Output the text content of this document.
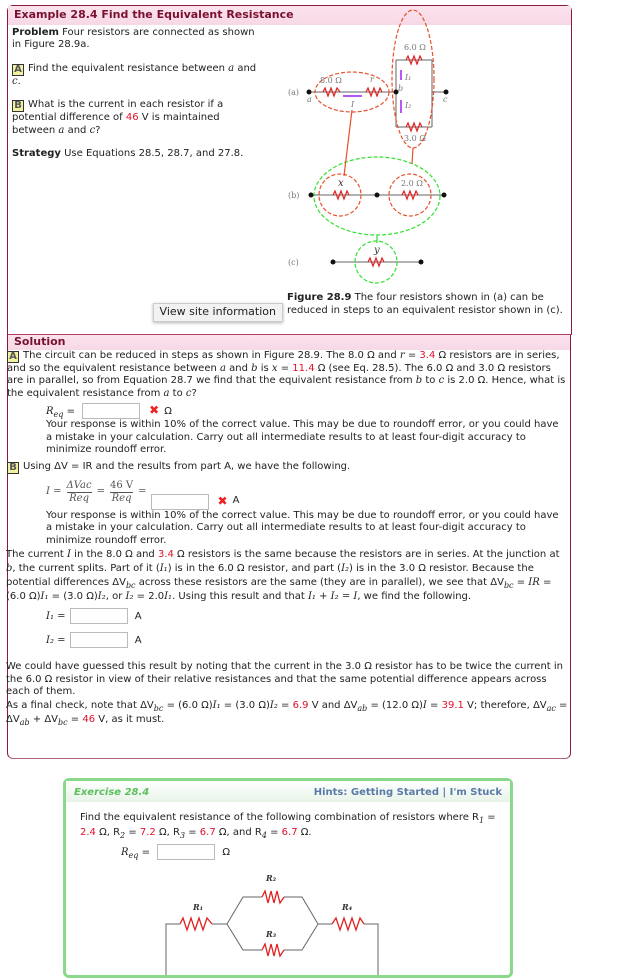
Example 28.4 Find the Equivalent Resistance

Problem Four resistors are connected as shown in Figure 28.9a.

A Find the equivalent resistance between a and c.

B What is the current in each resistor if a potential difference of 46 V is maintained between a and c?

Strategy Use Equations 28.5, 28.7, and 27.8.

(a)
(b)
(c)
8.0 Ω	r
6.0 Ω
3.0 Ω
2.0 Ω
x
y
I
I₁
I₂
a
b
c
Figure 28.9 The four resistors shown in (a) can be reduced in steps to an equivalent resistor shown in (c).
View site information
Solution

A The circuit can be reduced in steps as shown in Figure 28.9. The 8.0 Ω and r = 3.4 Ω resistors are in series, and so the equivalent resistance between a and b is x = 11.4 Ω (see Eq. 28.5). The 6.0 Ω and 3.0 Ω resistors are in parallel, so from Equation 28.7 we find that the equivalent resistance from b to c is 2.0 Ω. Hence, what is the equivalent resistance from a to c?

$R_{eq}$ =	✖ Ω

Your response is within 10% of the correct value. This may be due to roundoff error, or you could have a mistake in your calculation. Carry out all intermediate results to at least four-digit accuracy to minimize roundoff error.

B Using ΔV = IR and the results from part A, we have the following.

I =
ΔVac
Req
=
46 V
Req
=
✖ A

Your response is within 10% of the correct value. This may be due to roundoff error, or you could have a mistake in your calculation. Carry out all intermediate results to at least four-digit accuracy to minimize roundoff error.

The current I in the 8.0 Ω and 3.4 Ω resistors is the same because the resistors are in series. At the junction at b, the current splits. Part of it (I₁) is in the 6.0 Ω resistor, and part (I₂) is in the 3.0 Ω resistor. Because the potential differences $\Delta V_{bc}$ across these resistors are the same (they are in parallel), we see that $\Delta V_{bc}$ = IR = (6.0 Ω)I₁ = (3.0 Ω)I₂, or I₂ = 2.0I₁. Using this result and that I₁ + I₂ = I, we find the following.

I₁ =	A
I₂ =	A

We could have guessed this result by noting that the current in the 3.0 Ω resistor has to be twice the current in the 6.0 Ω resistor in view of their relative resistances and that the same potential difference appears across each of them.

As a final check, note that $\Delta V_{bc} = (6.0$ Ω)I₁ = (3.0 Ω)I₂ = 6.9 V and $\Delta V_{ab} = (12.0$ Ω)I = 39.1 V; therefore, $\Delta V_{ac} = \Delta V_{ab} + \Delta V_{bc} = 46$ V, as it must.

Exercise 28.4	Hints: Getting Started | I'm Stuck

Find the equivalent resistance of the following combination of resistors where $R_1 = 2.4$ Ω, $R_2 = 7.2$ Ω, $R_3 = 6.7$ Ω, and $R_4 = 6.7$ Ω.

$R_{eq}$ =	Ω
R₁
R₂
R₃
R₄
